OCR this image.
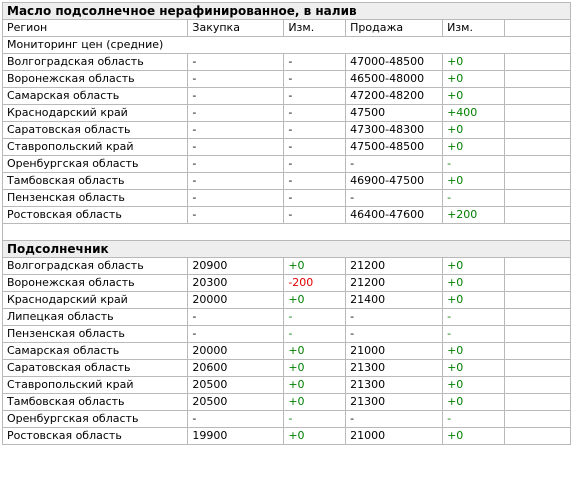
Масло подсолнечное нерафинированное, в налив					
Регион	Закупка	Изм.	Продажа	Изм.	
Мониторинг цен (средние)					
Волгоградская область	-	-	47000-48500	+0	
Воронежская область	-	-	46500-48000	+0	
Самарская область	-	-	47200-48200	+0	
Краснодарский край	-	-	47500	+400	
Саратовская область	-	-	47300-48300	+0	
Ставропольский край	-	-	47500-48500	+0	
Оренбургская область	-	-	-	-	
Тамбовская область	-	-	46900-47500	+0	
Пензенская область	-	-	-	-	
Ростовская область	-	-	46400-47600	+200	

Подсолнечник					
Волгоградская область	20900	+0	21200	+0	
Воронежская область	20300	-200	21200	+0	
Краснодарский край	20000	+0	21400	+0	
Липецкая область	-	-	-	-	
Пензенская область	-	-	-	-	
Самарская область	20000	+0	21000	+0	
Саратовская область	20600	+0	21300	+0	
Ставропольский край	20500	+0	21300	+0	
Тамбовская область	20500	+0	21300	+0	
Оренбургская область	-	-	-	-	
Ростовская область	19900	+0	21000	+0	
